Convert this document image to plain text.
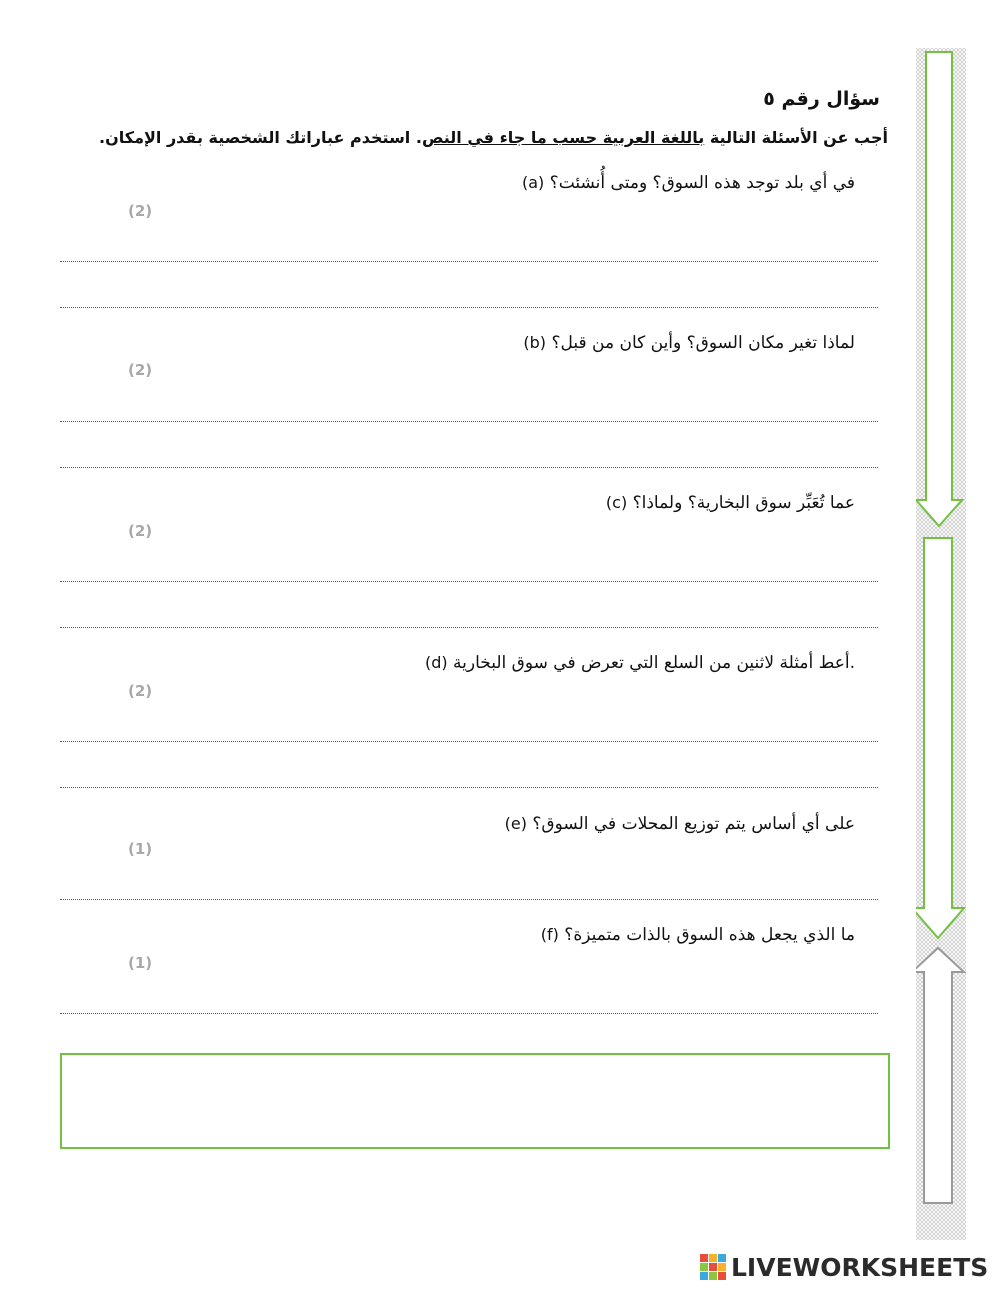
سؤال رقم ٥
أجب عن الأسئلة التالية باللغة العربية حسب ما جاء في النص. استخدم عباراتك الشخصية بقدر الإمكان.
(a) في أي بلد توجد هذه السوق؟ ومتى أُنشئت؟
(2)
(b) لماذا تغير مكان السوق؟ وأين كان من قبل؟
(2)
(c) عما تُعَبِّر سوق البخارية؟ ولماذا؟
(2)
(d) أعط أمثلة لاثنين من السلع التي تعرض في سوق البخارية.
(2)
(e) على أي أساس يتم توزيع المحلات في السوق؟
(1)
(f) ما الذي يجعل هذه السوق بالذات متميزة؟
(1)
LIVEWORKSHEETS
